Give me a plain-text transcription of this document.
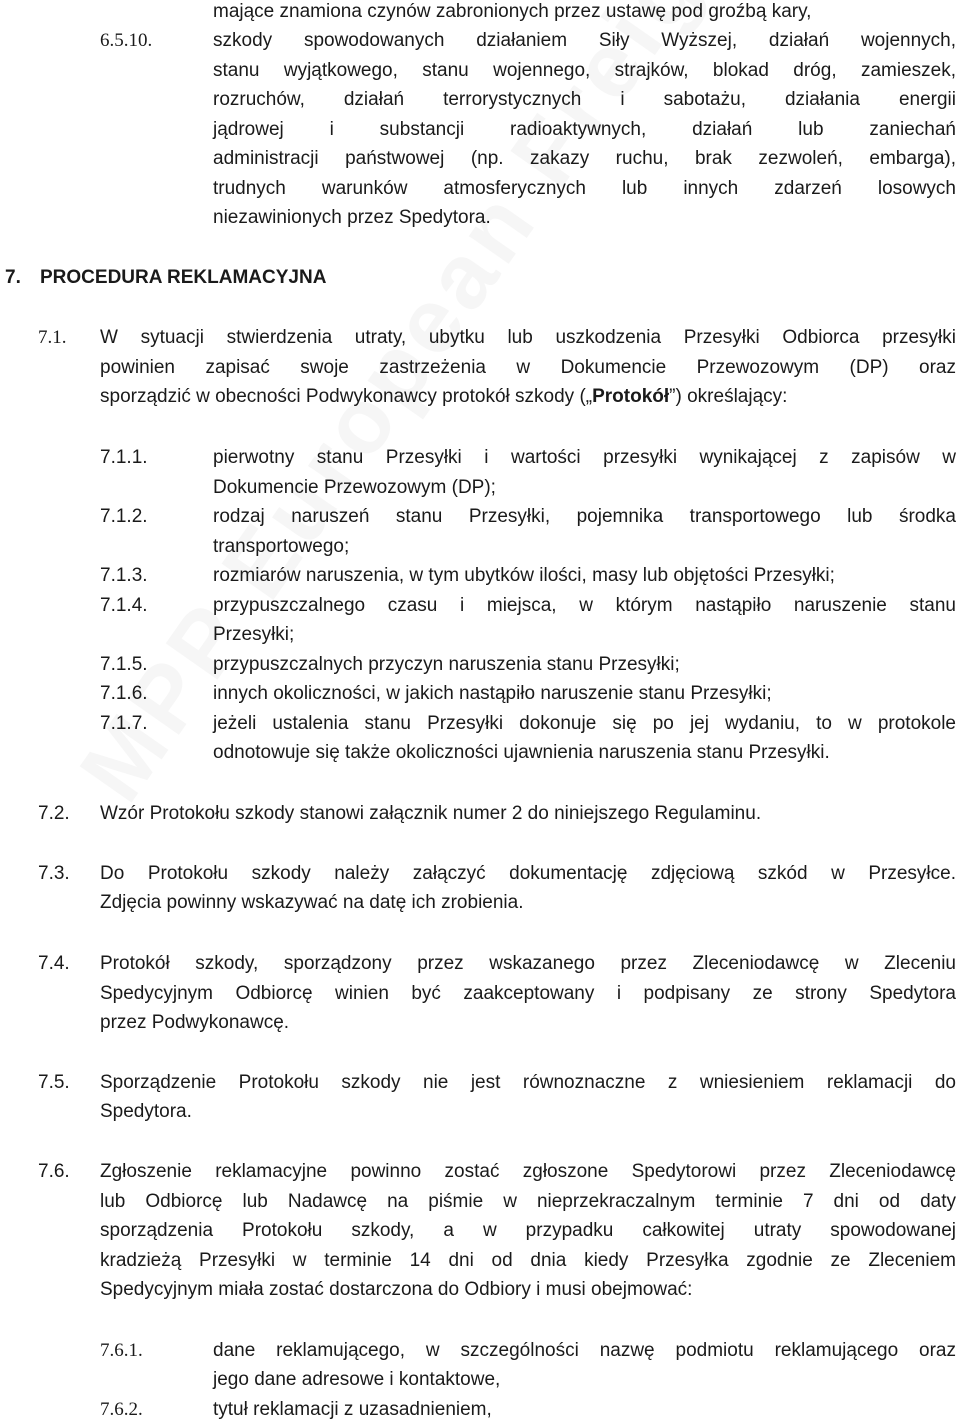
mające znamiona czynów zabronionych przez ustawę pod groźbą kary,
6.5.10.	szkody spowodowanych działaniem Siły Wyższej, działań wojennych,
stanu wyjątkowego, stanu wojennego, strajków, blokad dróg, zamieszek,
rozruchów, działań terrorystycznych i sabotażu, działania energii
jądrowej i substancji radioaktywnych, działań lub zaniechań
administracji państwowej (np. zakazy ruchu, brak zezwoleń, embarga),
trudnych warunków atmosferycznych lub innych zdarzeń losowych
niezawinionych przez Spedytora.
7. PROCEDURA REKLAMACYJNA
7.1. W sytuacji stwierdzenia utraty, ubytku lub uszkodzenia Przesyłki Odbiorca przesyłki
powinien zapisać swoje zastrzeżenia w Dokumencie Przewozowym (DP) oraz
sporządzić w obecności Podwykonawcy protokół szkody („Protokół”) określający:
7.1.1.	pierwotny stanu Przesyłki i wartości przesyłki wynikającej z zapisów w
Dokumencie Przewozowym (DP);
7.1.2.	rodzaj naruszeń stanu Przesyłki, pojemnika transportowego lub środka
transportowego;
7.1.3.	rozmiarów naruszenia, w tym ubytków ilości, masy lub objętości Przesyłki;
7.1.4.	przypuszczalnego czasu i miejsca, w którym nastąpiło naruszenie stanu
Przesyłki;
7.1.5.	przypuszczalnych przyczyn naruszenia stanu Przesyłki;
7.1.6.	innych okoliczności, w jakich nastąpiło naruszenie stanu Przesyłki;
7.1.7.	jeżeli ustalenia stanu Przesyłki dokonuje się po jej wydaniu, to w protokole
odnotowuje się także okoliczności ujawnienia naruszenia stanu Przesyłki.
7.2. Wzór Protokołu szkody stanowi załącznik numer 2 do niniejszego Regulaminu.
7.3. Do Protokołu szkody należy załączyć dokumentację zdjęciową szkód w Przesyłce.
Zdjęcia powinny wskazywać na datę ich zrobienia.
7.4. Protokół szkody, sporządzony przez wskazanego przez Zleceniodawcę w Zleceniu
Spedycyjnym Odbiorcę winien być zaakceptowany i podpisany ze strony Spedytora
przez Podwykonawcę.
7.5. Sporządzenie Protokołu szkody nie jest równoznaczne z wniesieniem reklamacji do
Spedytora.
7.6. Zgłoszenie reklamacyjne powinno zostać zgłoszone Spedytorowi przez Zleceniodawcę
lub Odbiorcę lub Nadawcę na piśmie w nieprzekraczalnym terminie 7 dni od daty
sporządzenia Protokołu szkody, a w przypadku całkowitej utraty spowodowanej
kradzieżą Przesyłki w terminie 14 dni od dnia kiedy Przesyłka zgodnie ze Zleceniem
Spedycyjnym miała zostać dostarczona do Odbiory i musi obejmować:
7.6.1.	dane reklamującego, w szczególności nazwę podmiotu reklamującego oraz
jego dane adresowe i kontaktowe,
7.6.2.	tytuł reklamacji z uzasadnieniem,
